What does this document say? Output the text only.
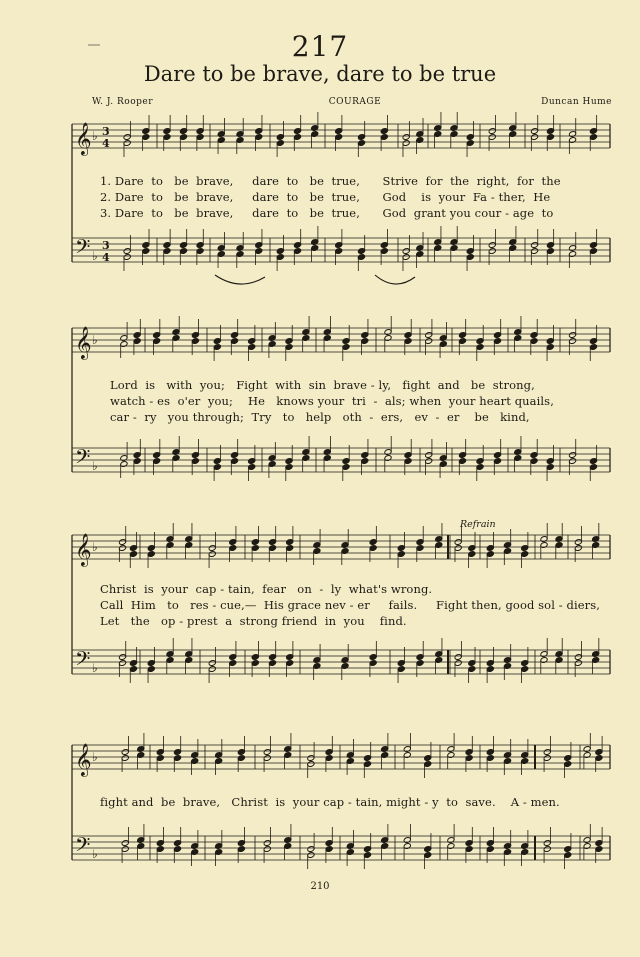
217
Dare to be brave, dare to be true
W. J. Rooper	COURAGE	Duncan Hume
𝄞 ♭ 3
4
𝄢 ♭
3
4
𝄞 ♭
𝄢 ♭
𝄞 ♭
𝄢 ♭
𝄞 ♭
𝄢 ♭
1. Dare  to   be  brave,     dare  to   be  true,      Strive  for  the  right,  for  the
2. Dare  to   be  brave,     dare  to   be  true,      God    is  your  Fa - ther,  He
3. Dare  to   be  brave,     dare  to   be  true,      God  grant you cour - age  to
Lord  is   with  you;   Fight  with  sin  brave - ly,   fight  and   be  strong,
watch - es  o'er  you;    He   knows your  tri  -  als; when  your heart quails,
car -  ry   you through;  Try   to   help   oth  -  ers,   ev  -  er    be   kind,
Refrain
Christ  is  your  cap - tain,  fear   on  -  ly  what's wrong.
Call  Him   to   res - cue,—  His grace nev - er     fails.     Fight then, good sol - diers,
Let   the   op - prest  a  strong friend  in  you    find.
fight and  be  brave,   Christ  is  your cap - tain, might - y  to  save.    A - men.
210
